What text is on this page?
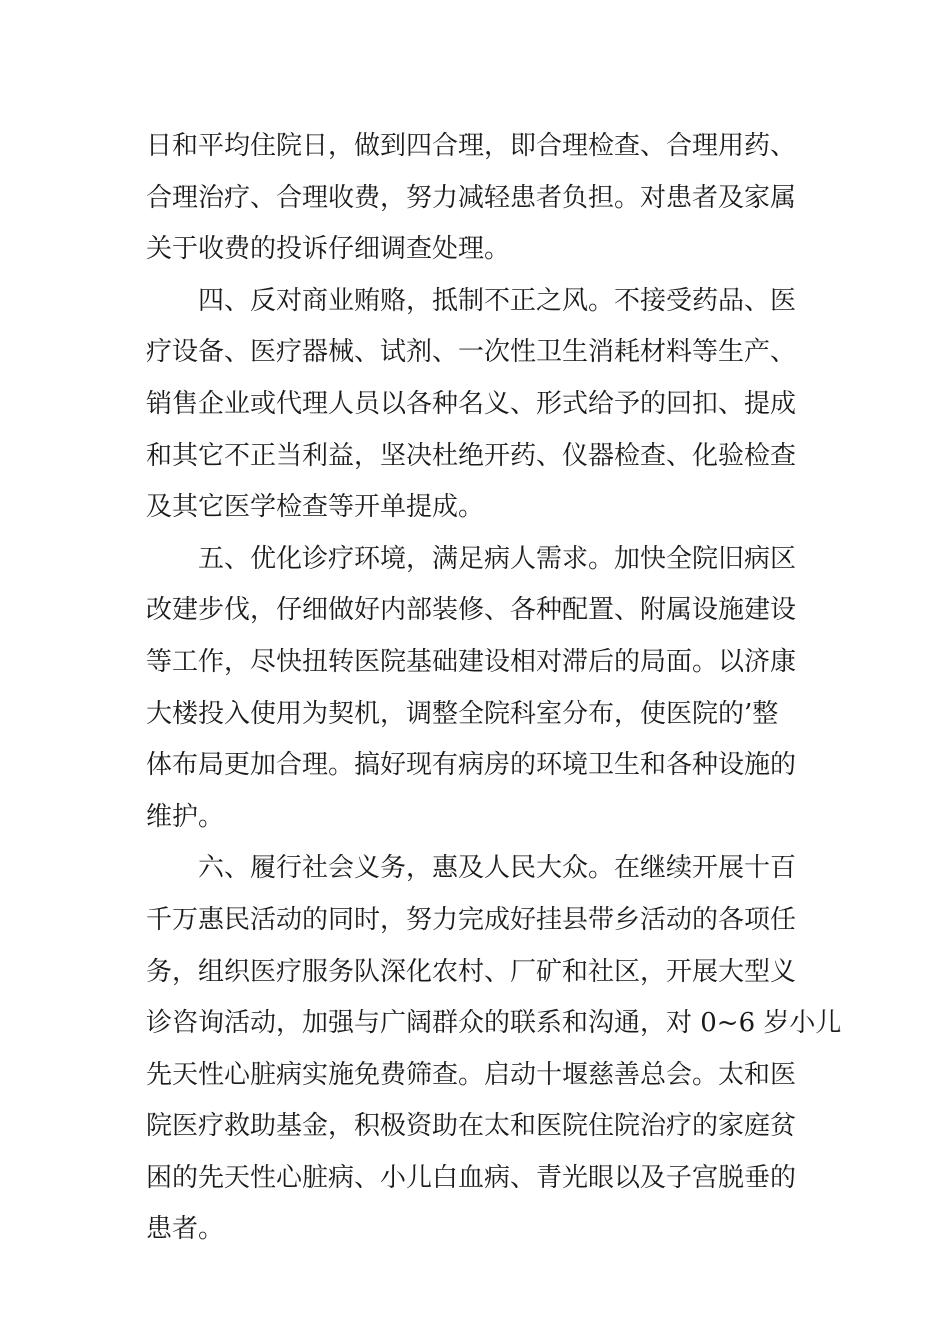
日和平均住院日，做到四合理，即合理检查、合理用药、
合理治疗、合理收费，努力减轻患者负担。对患者及家属
关于收费的投诉仔细调查处理。
四、反对商业贿赂，抵制不正之风。不接受药品、医
疗设备、医疗器械、试剂、一次性卫生消耗材料等生产、
销售企业或代理人员以各种名义、形式给予的回扣、提成
和其它不正当利益，坚决杜绝开药、仪器检查、化验检查
及其它医学检查等开单提成。
五、优化诊疗环境，满足病人需求。加快全院旧病区
改建步伐，仔细做好内部装修、各种配置、附属设施建设
等工作，尽快扭转医院基础建设相对滞后的局面。以济康
大楼投入使用为契机，调整全院科室分布，使医院的’整
体布局更加合理。搞好现有病房的环境卫生和各种设施的
维护。
六、履行社会义务，惠及人民大众。在继续开展十百
千万惠民活动的同时，努力完成好挂县带乡活动的各项任
务，组织医疗服务队深化农村、厂矿和社区，开展大型义
诊咨询活动，加强与广阔群众的联系和沟通，对 0~6 岁小儿
先天性心脏病实施免费筛查。启动十堰慈善总会。太和医
院医疗救助基金，积极资助在太和医院住院治疗的家庭贫
困的先天性心脏病、小儿白血病、青光眼以及子宫脱垂的
患者。
